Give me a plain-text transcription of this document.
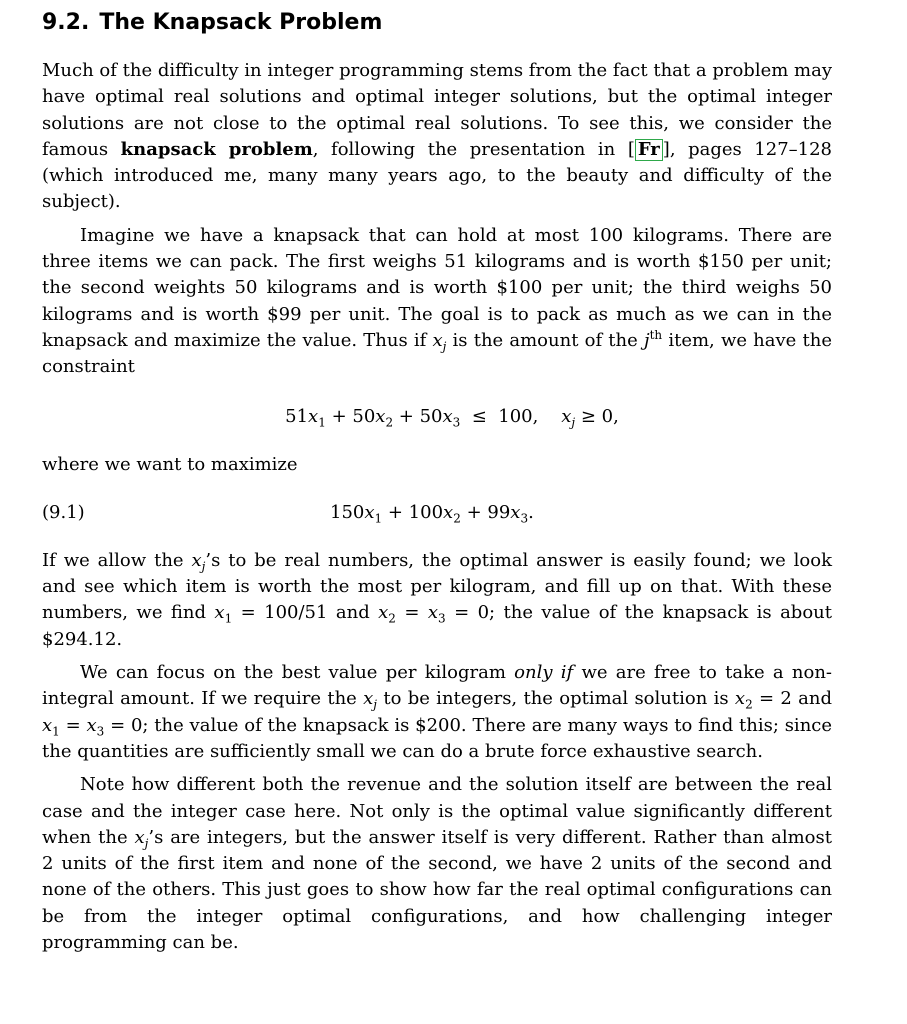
9.2. The Knapsack Problem

Much of the difficulty in integer programming stems from the fact that a problem may have optimal real solutions and optimal integer solutions, but the optimal integer solutions are not close to the optimal real solutions. To see this, we consider the famous knapsack problem, following the presentation in [ Fr ], pages 127–128 (which introduced me, many many years ago, to the beauty and difficulty of the subject).

Imagine we have a knapsack that can hold at most 100 kilograms. There are three items we can pack. The first weighs 51 kilograms and is worth $150 per unit; the second weights 50 kilograms and is worth $100 per unit; the third weighs 50 kilograms and is worth $99 per unit. The goal is to pack as much as we can in the knapsack and maximize the value. Thus if $x_j$ is the amount of the $j^{th}$ item, we have the constraint

$51x_1 + 50x_2 + 50x_3 \le 100$,    $x_j \ge 0$,

where we want to maximize

(9.1)	$150x_1 + 100x_2 + 99x_3$.

If we allow the $x_j’s$ to be real numbers, the optimal answer is easily found; we look and see which item is worth the most per kilogram, and fill up on that. With these numbers, we find $x_1 = 100/51$ and $x_2 = x_3 = 0$; the value of the knapsack is about $294.12.

We can focus on the best value per kilogram only if we are free to take a non-integral amount. If we require the $x_j$ to be integers, the optimal solution is $x_2 = 2$ and $x_1 = x_3 = 0$; the value of the knapsack is $200. There are many ways to find this; since the quantities are sufficiently small we can do a brute force exhaustive search.

Note how different both the revenue and the solution itself are between the real case and the integer case here. Not only is the optimal value significantly different when the $x_j’s$ are integers, but the answer itself is very different. Rather than almost 2 units of the first item and none of the second, we have 2 units of the second and none of the others. This just goes to show how far the real optimal configurations can be from the integer optimal configurations, and how challenging integer programming can be.
